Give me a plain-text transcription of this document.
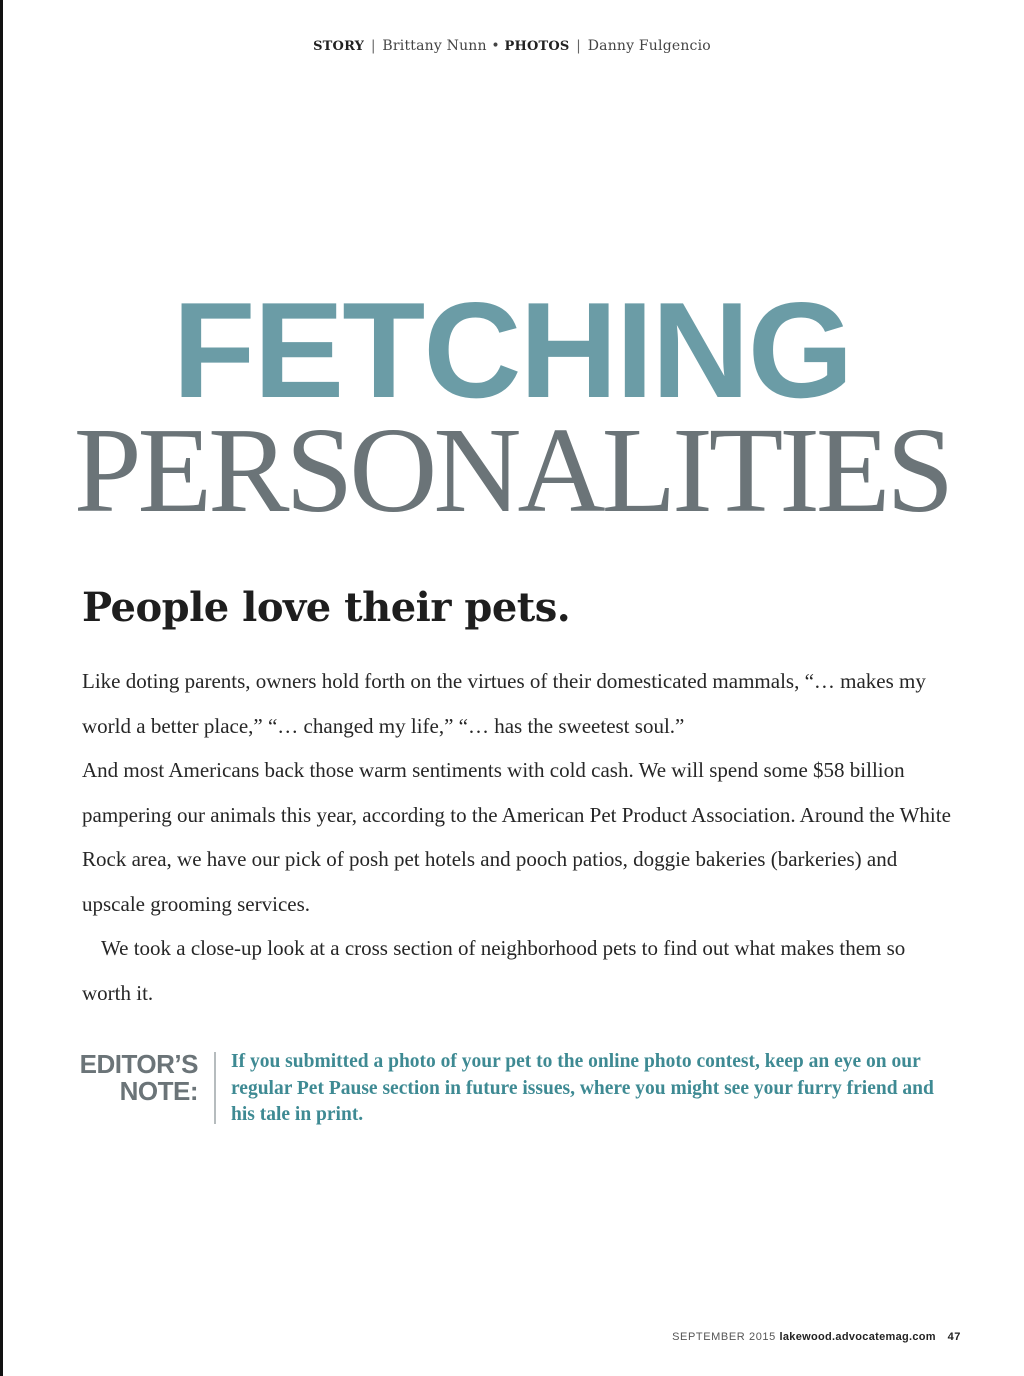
STORY | Brittany Nunn • PHOTOS | Danny Fulgencio
FETCHING
PERSONALITIES
People love their pets.

Like doting parents, owners hold forth on the virtues of their domesticated mammals, “… makes my world a better place,” “… changed my life,” “… has the sweetest soul.”

And most Americans back those warm sentiments with cold cash. We will spend some $58 billion pampering our animals this year, according to the American Pet Product Association. Around the White Rock area, we have our pick of posh pet hotels and pooch patios, doggie bakeries (barkeries) and upscale grooming services.

We took a close-up look at a cross section of neighborhood pets to find out what makes them so worth it.

EDITOR’S
NOTE:
If you submitted a photo of your pet to the online photo contest, keep an eye on our regular Pet Pause section in future issues, where you might see your furry friend and his tale in print.
SEPTEMBER 2015 lakewood.advocatemag.com 47
